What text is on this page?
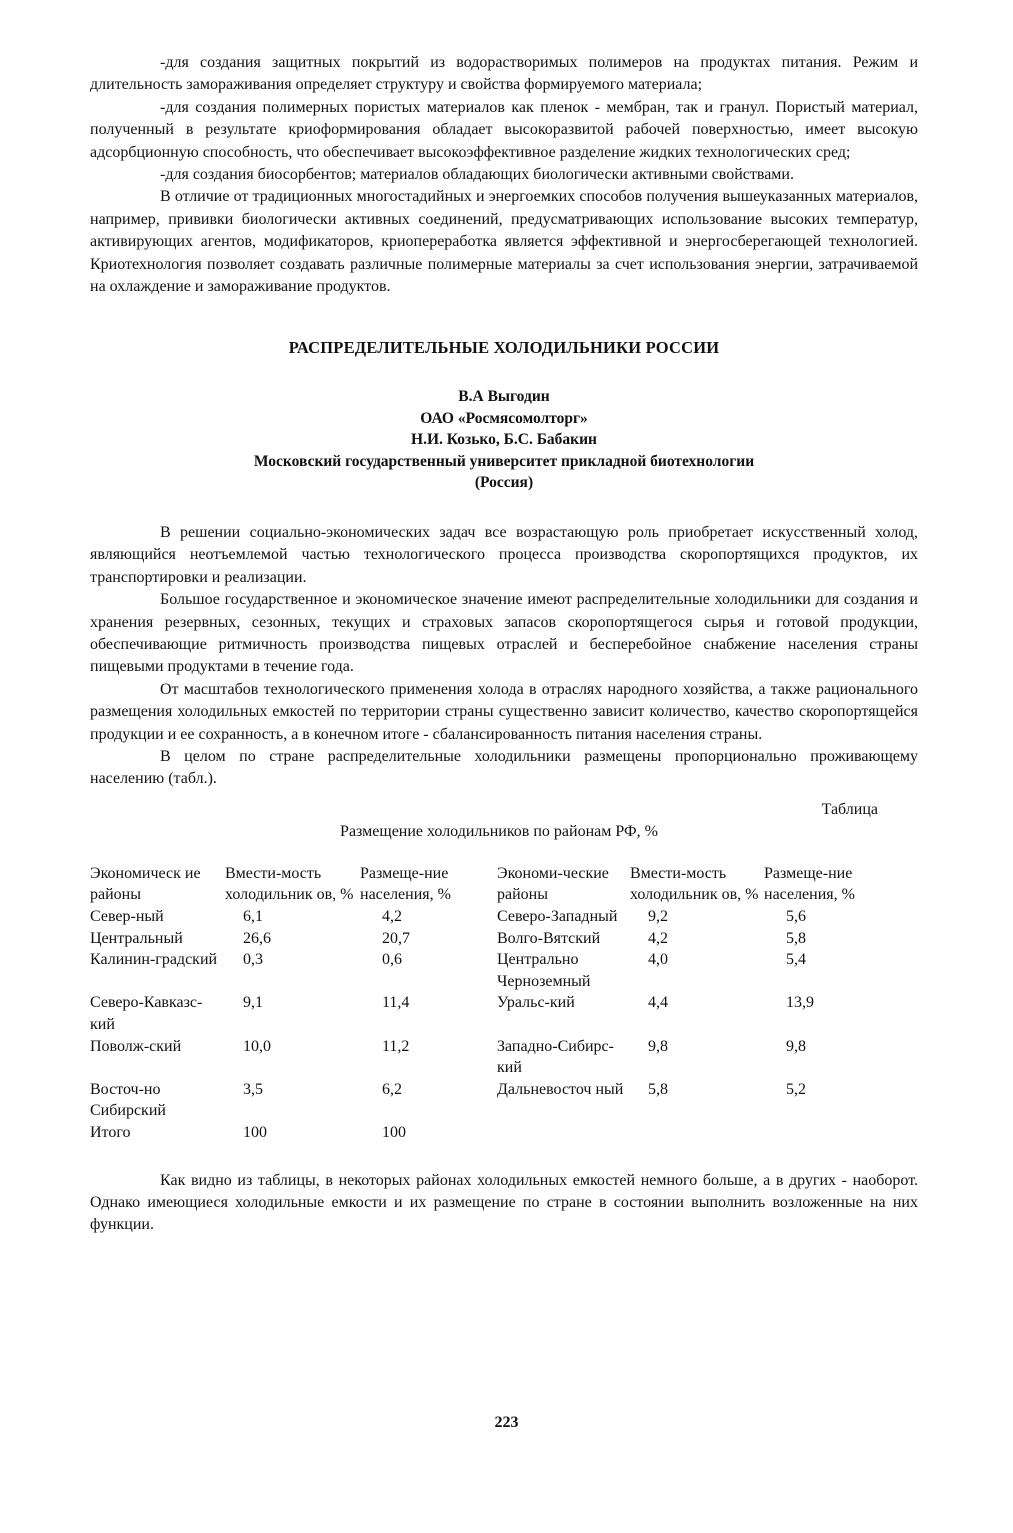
-для создания защитных покрытий из водорастворимых полимеров на продуктах питания. Режим и длительность замораживания определяет структуру и свойства формируемого материала;

-для создания полимерных пористых материалов как пленок - мембран, так и гранул. Пористый материал, полученный в результате криоформирования обладает высокоразвитой рабочей поверхностью, имеет высокую адсорбционную способность, что обеспечивает высокоэффективное разделение жидких технологических сред;

-для создания биосорбентов; материалов обладающих биологически активными свойствами.

В отличие от традиционных многостадийных и энергоемких способов получения вышеуказанных материалов, например, прививки биологически активных соединений, предусматривающих использование высоких температур, активирующих агентов, модификаторов, криопереработка является эффективной и энергосберегающей технологией. Криотехнология позволяет создавать различные полимерные материалы за счет использования энергии, затрачиваемой на охлаждение и замораживание продуктов.

РАСПРЕДЕЛИТЕЛЬНЫЕ ХОЛОДИЛЬНИКИ РОССИИ
В.А Выгодин
ОАО «Росмясомолторг»
Н.И. Козько, Б.С. Бабакин
Московский государственный университет прикладной биотехнологии
(Россия)

В решении социально-экономических задач все возрастающую роль приобретает искусственный холод, являющийся неотъемлемой частью технологического процесса производства скоропортящихся продуктов, их транспортировки и реализации.

Большое государственное и экономическое значение имеют распределительные холодильники для создания и хранения резервных, сезонных, текущих и страховых запасов скоропортящегося сырья и готовой продукции, обеспечивающие ритмичность производства пищевых отраслей и бесперебойное снабжение населения страны пищевыми продуктами в течение года.

От масштабов технологического применения холода в отраслях народного хозяйства, а также рационального размещения холодильных емкостей по территории страны существенно зависит количество, качество скоропортящейся продукции и ее сохранность, а в конечном итоге - сбалансированность питания населения страны.

В целом по стране распределительные холодильники размещены пропорционально проживающему населению (табл.).

Таблица
Размещение холодильников по районам РФ, %
Экономическ ие районы	Вмести-мость холодильник ов, %	Размеще-ние населения, %	Экономи-ческие районы	Вмести-мость холодильник ов, %	Размеще-ние населения, %
Север-ный	6,1	4,2	Северо-Западный	9,2	5,6
Центральный	26,6	20,7	Волго-Вятский	4,2	5,8
Калинин-градский	0,3	0,6	Центрально Черноземный	4,0	5,4
Северо-Кавказс-кий	9,1	11,4	Уральс-кий	4,4	13,9
Поволж-ский	10,0	11,2	Западно-Сибирс-кий	9,8	9,8
Восточ-но Сибирский	3,5	6,2	Дальневосточ ный	5,8	5,2
Итого	100	100			

Как видно из таблицы, в некоторых районах холодильных емкостей немного больше, а в других - наоборот. Однако имеющиеся холодильные емкости и их размещение по стране в состоянии выполнить возложенные на них функции.

223
